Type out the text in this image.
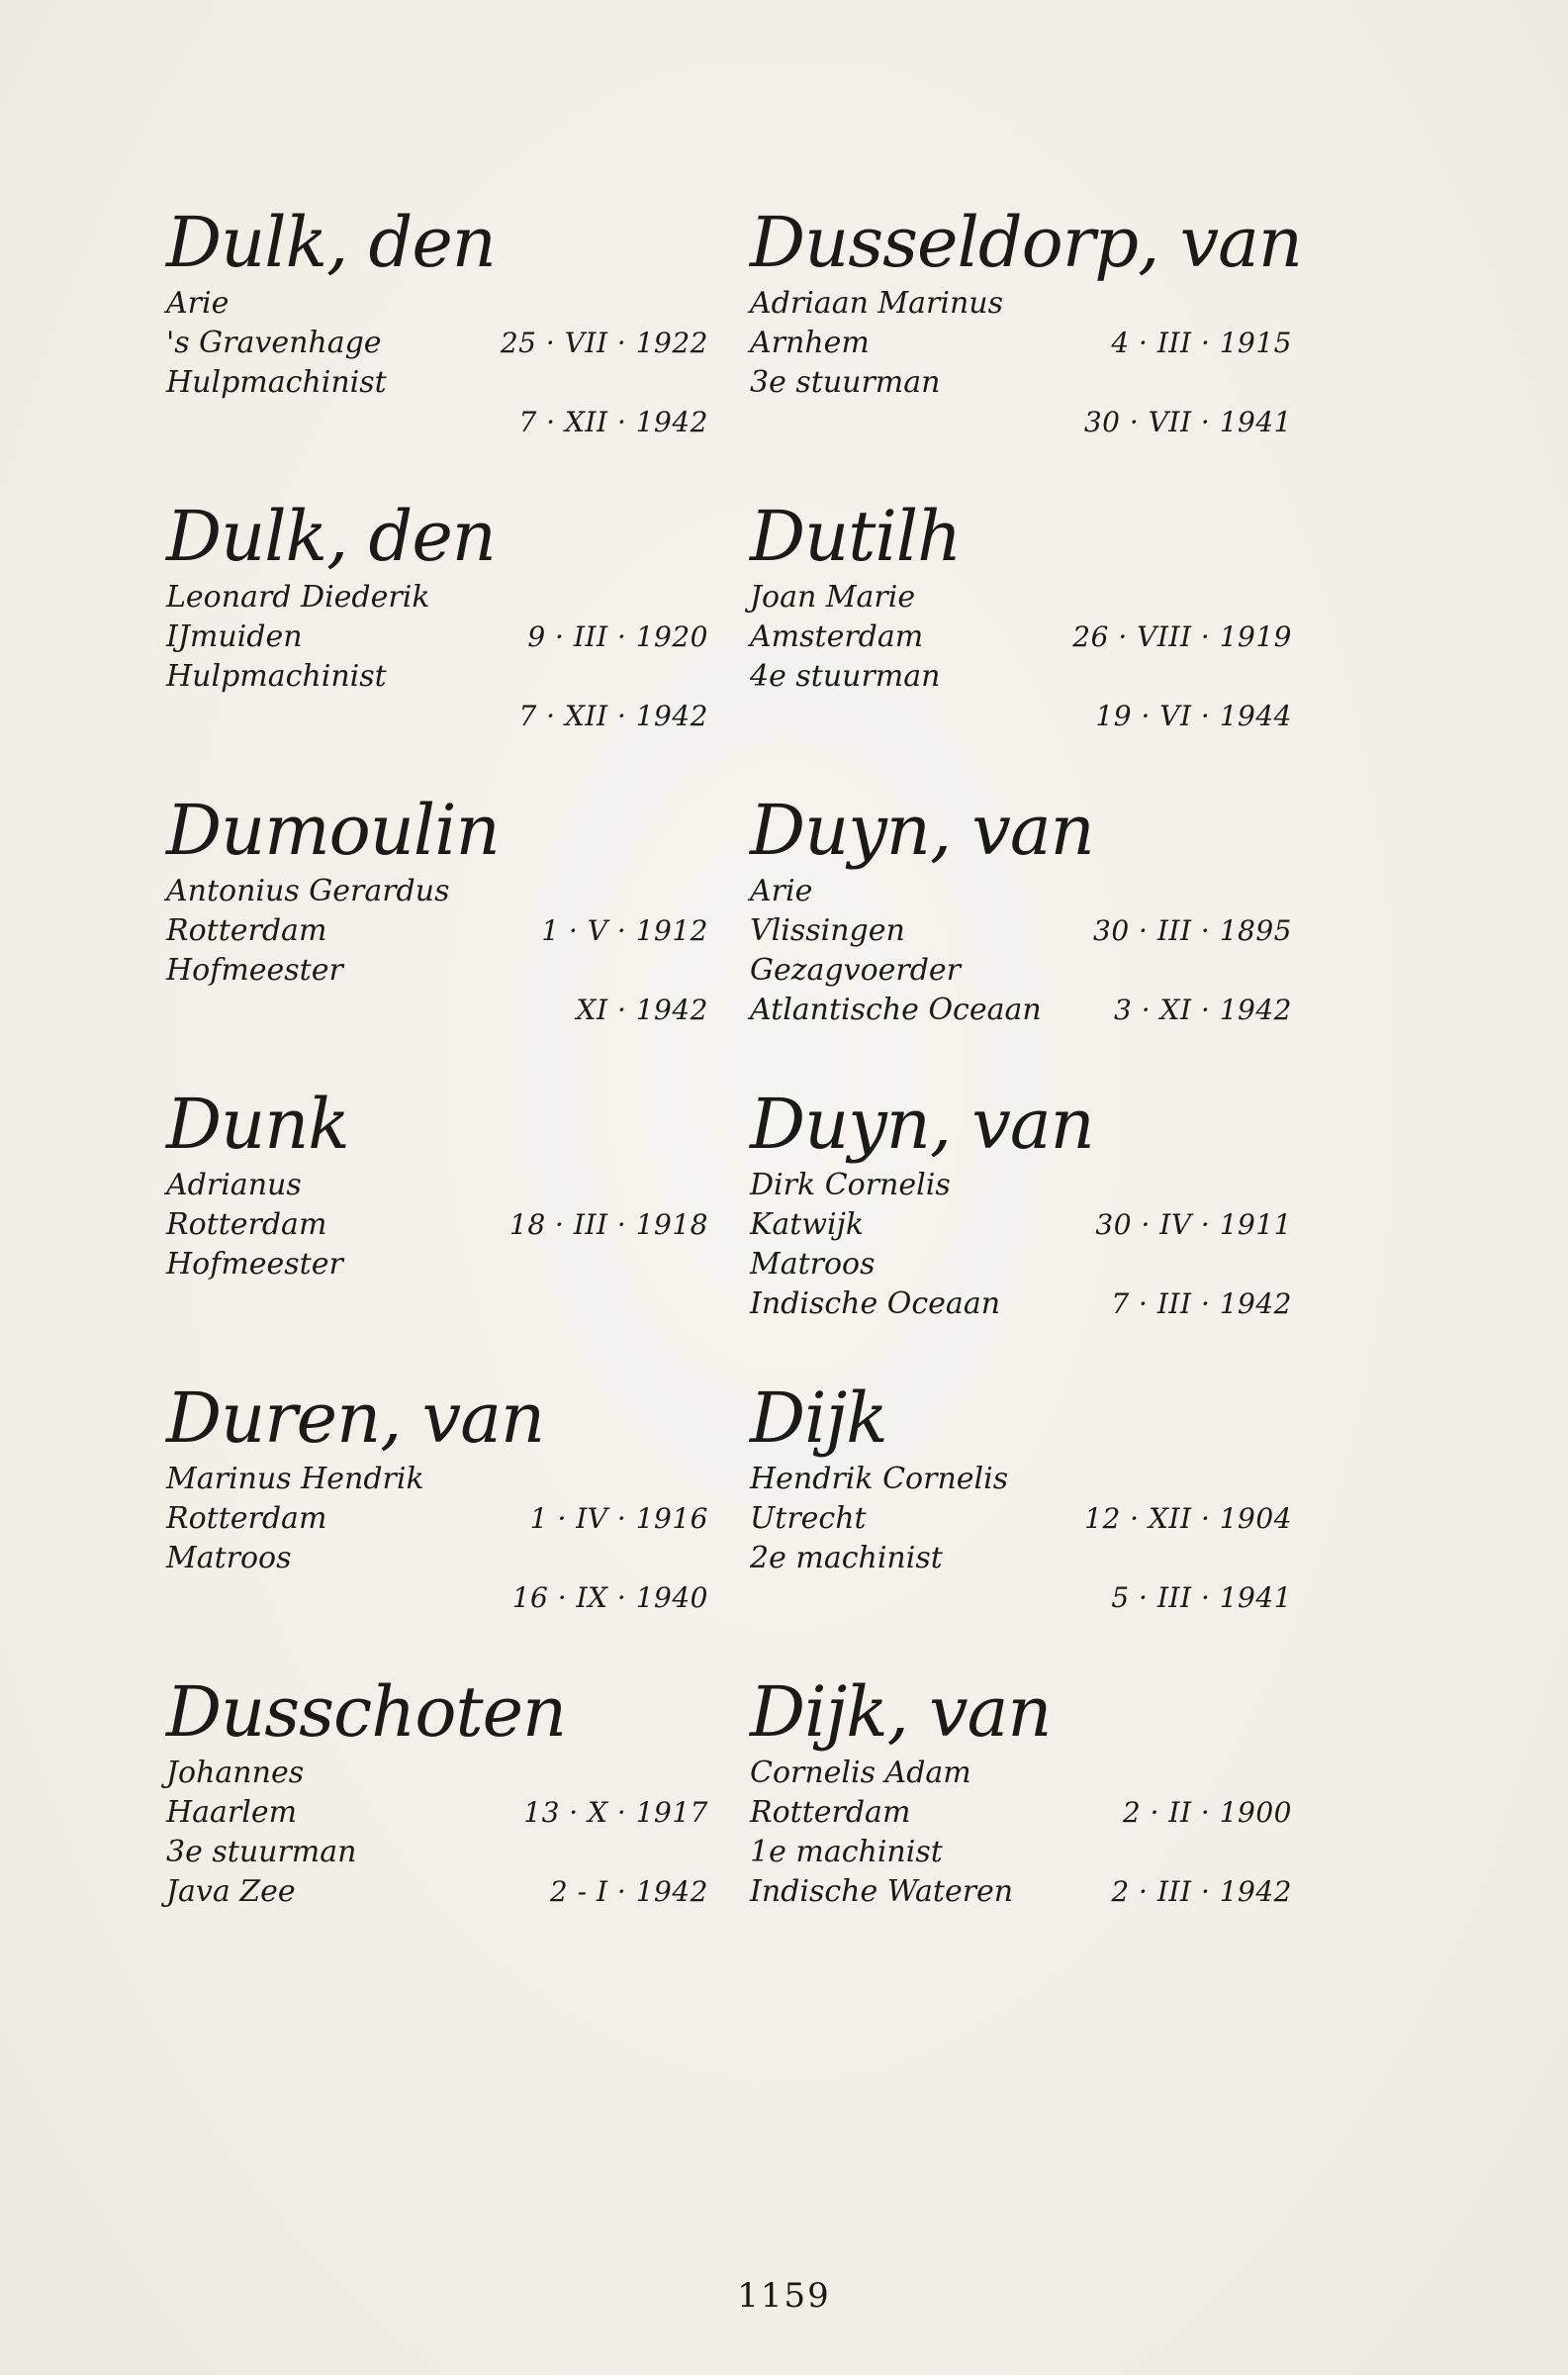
Dulk, den
Arie
's Gravenhage	25 · VII · 1922
Hulpmachinist
7 · XII · 1942
Dulk, den
Leonard Diederik
IJmuiden	9 · III · 1920
Hulpmachinist
7 · XII · 1942
Dumoulin
Antonius Gerardus
Rotterdam	1 · V · 1912
Hofmeester
XI · 1942
Dunk
Adrianus
Rotterdam	18 · III · 1918
Hofmeester
Duren, van
Marinus Hendrik
Rotterdam	1 · IV · 1916
Matroos
16 · IX · 1940
Dusschoten
Johannes
Haarlem	13 · X · 1917
3e stuurman
Java Zee	2 - I · 1942
Dusseldorp, van
Adriaan Marinus
Arnhem	4 · III · 1915
3e stuurman
30 · VII · 1941
Dutilh
Joan Marie
Amsterdam	26 · VIII · 1919
4e stuurman
19 · VI · 1944
Duyn, van
Arie
Vlissingen	30 · III · 1895
Gezagvoerder
Atlantische Oceaan	3 · XI · 1942
Duyn, van
Dirk Cornelis
Katwijk	30 · IV · 1911
Matroos
Indische Oceaan	7 · III · 1942
Dijk
Hendrik Cornelis
Utrecht	12 · XII · 1904
2e machinist
5 · III · 1941
Dijk, van
Cornelis Adam
Rotterdam	2 · II · 1900
1e machinist
Indische Wateren	2 · III · 1942
1159
